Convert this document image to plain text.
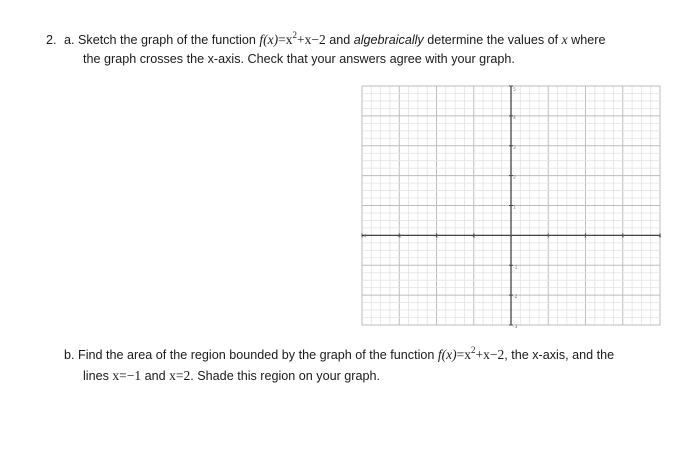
2. a. Sketch the graph of the function $f(x)=x^2+x-2$ and algebraically determine the values of x where
the graph crosses the x-axis. Check that your answers agree with your graph.
-4	-3	-2	-1	0	1	2	3	4
5
4
3
2
1
-1
-2
-3
b. Find the area of the region bounded by the graph of the function $f(x)=x^2+x-2$, the x-axis, and the
lines x=−1 and x=2. Shade this region on your graph.
